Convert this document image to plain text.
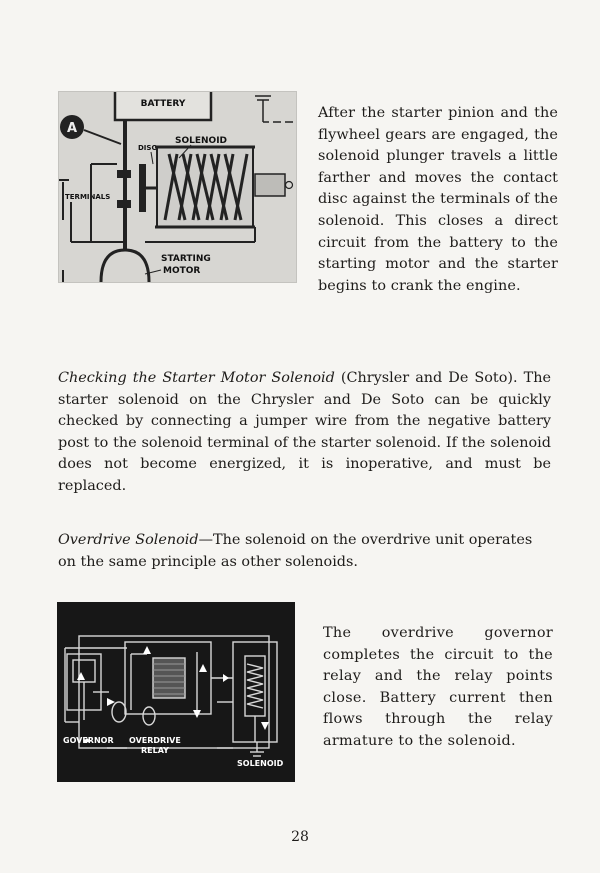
BATTERY
A
DISC
SOLENOID
TERMINALS
STARTING
MOTOR

After the starter pinion and the flywheel gears are engaged, the solenoid plunger travels a little farther and moves the contact disc against the terminals of the solenoid. This closes a direct circuit from the battery to the starting motor and the starter begins to crank the engine.

Checking the Starter Motor Solenoid (Chrysler and De Soto). The starter solenoid on the Chrysler and De Soto can be quickly checked by connecting a jumper wire from the negative battery post to the solenoid terminal of the starter solenoid. If the solenoid does not become energized, it is inoperative, and must be replaced.

Overdrive Solenoid—The solenoid on the overdrive unit operates on the same principle as other solenoids.

GOVERNOR OVERDRIVE
RELAY
SOLENOID

The overdrive governor completes the circuit to the relay and the relay points close. Battery current then flows through the relay armature to the solenoid.

28
